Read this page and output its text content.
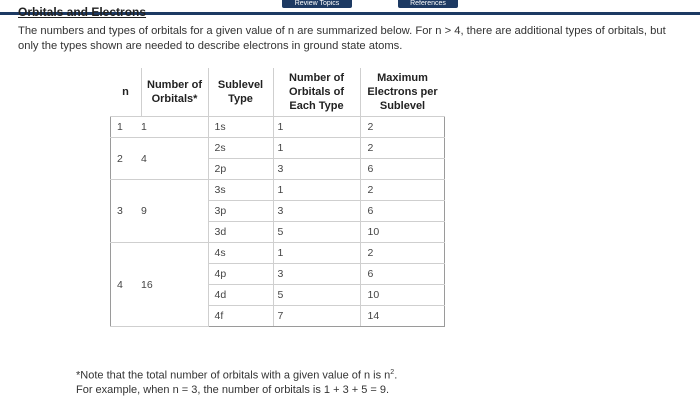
Review Topics	References
Orbitals and Electrons
The numbers and types of orbitals for a given value of n are summarized below. For n > 4, there are additional types of orbitals, but only the types shown are needed to describe electrons in ground state atoms.
n	Number of Orbitals*	Sublevel Type	Number of Orbitals of Each Type	Maximum Electrons per Sublevel
1	1	1s	1	2
2	4	2s	1	2
		2p	3	6
3	9	3s	1	2
		3p	3	6
		3d	5	10
4	16	4s	1	2
		4p	3	6
		4d	5	10
		4f	7	14
*Note that the total number of orbitals with a given value of n is $n^2$.
For example, when n = 3, the number of orbitals is 1 + 3 + 5 = 9.
